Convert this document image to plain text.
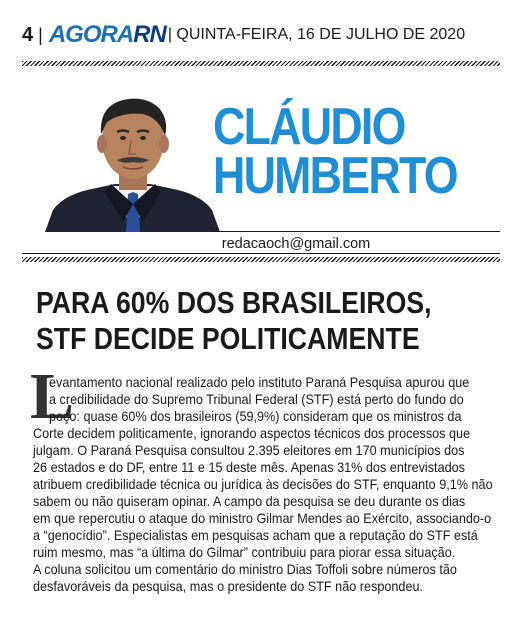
4 | AGORARN | QUINTA-FEIRA, 16 DE JULHO DE 2020
CLÁUDIO
HUMBERTO
redacaoch@gmail.com
PARA 60% DOS BRASILEIROS,
STF DECIDE POLITICAMENTE
L
evantamento nacional realizado pelo instituto Paraná Pesquisa apurou que
a credibilidade do Supremo Tribunal Federal (STF) está perto do fundo do
poço: quase 60% dos brasileiros (59,9%) consideram que os ministros da
Corte decidem politicamente, ignorando aspectos técnicos dos processos que
julgam. O Paraná Pesquisa consultou 2.395 eleitores em 170 municípios dos
26 estados e do DF, entre 11 e 15 deste mês. Apenas 31% dos entrevistados
atribuem credibilidade técnica ou jurídica às decisões do STF, enquanto 9,1% não
sabem ou não quiseram opinar. A campo da pesquisa se deu durante os dias
em que repercutiu o ataque do ministro Gilmar Mendes ao Exército, associando-o
a “genocídio”. Especialistas em pesquisas acham que a reputação do STF está
ruim mesmo, mas “a última do Gilmar” contribuiu para piorar essa situação.
A coluna solicitou um comentário do ministro Dias Toffoli sobre números tão
desfavoráveis da pesquisa, mas o presidente do STF não respondeu.
